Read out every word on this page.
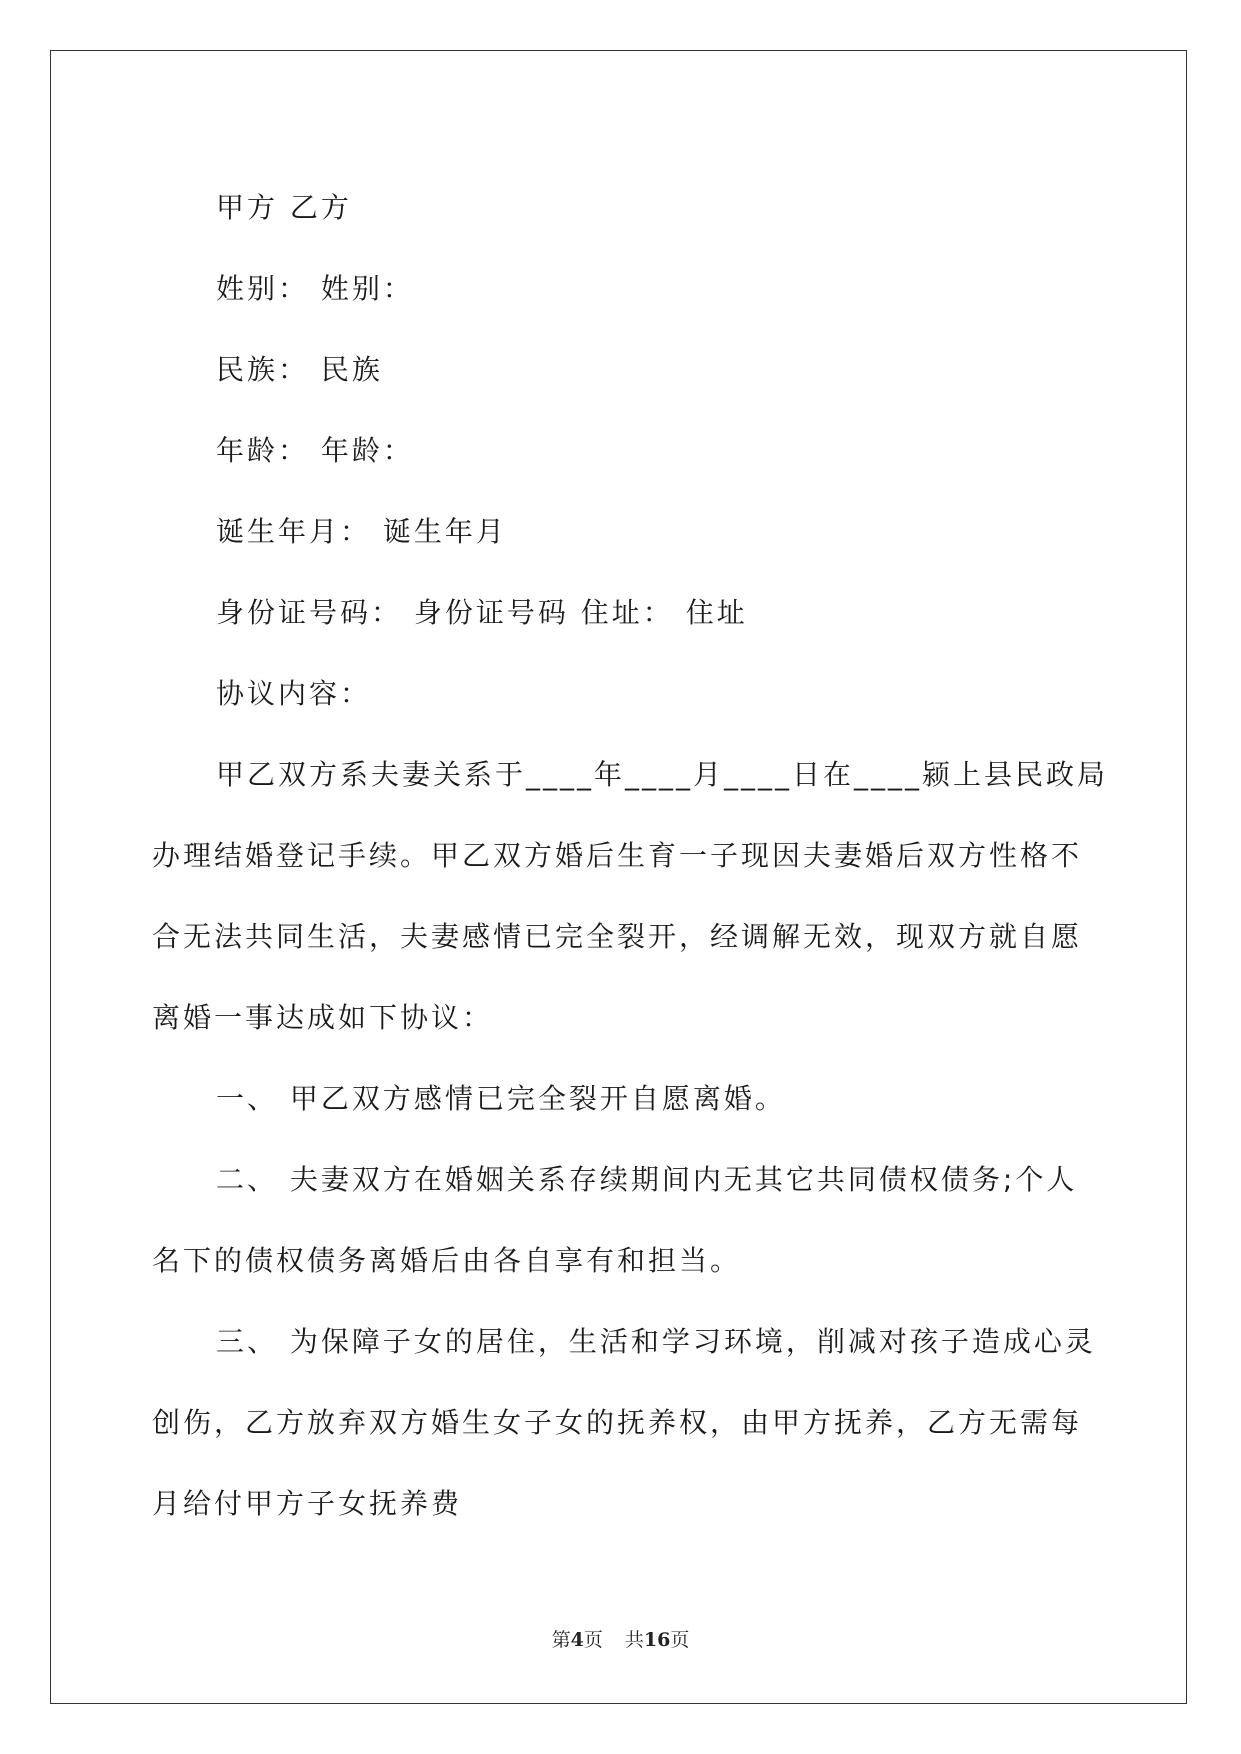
甲方 乙方
姓别： 姓别：
民族： 民族
年龄： 年龄：
诞生年月： 诞生年月
身份证号码： 身份证号码 住址： 住址
协议内容：
甲乙双方系夫妻关系于____年____月____日在____颍上县民政局
办理结婚登记手续。甲乙双方婚后生育一子现因夫妻婚后双方性格不
合无法共同生活，夫妻感情已完全裂开，经调解无效，现双方就自愿
离婚一事达成如下协议：
一、 甲乙双方感情已完全裂开自愿离婚。
二、 夫妻双方在婚姻关系存续期间内无其它共同债权债务;个人
名下的债权债务离婚后由各自享有和担当。
三、 为保障子女的居住，生活和学习环境，削减对孩子造成心灵
创伤，乙方放弃双方婚生女子女的抚养权，由甲方抚养，乙方无需每
月给付甲方子女抚养费
第4页 共16页
